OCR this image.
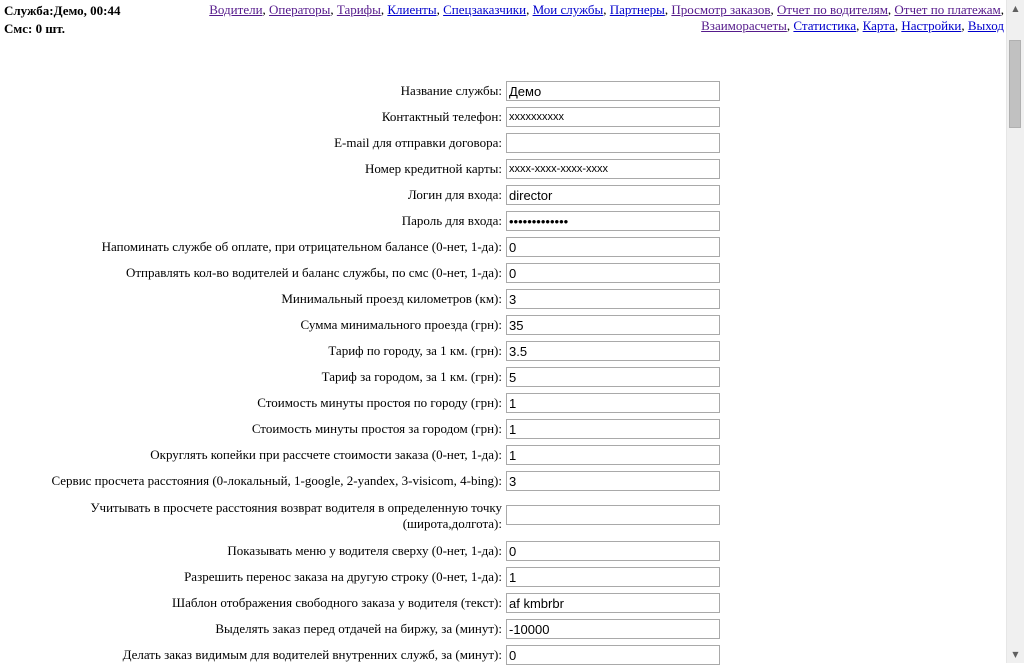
Служба:Демо, 00:44
Смс: 0 шт.
Водители, Операторы, Тарифы, Клиенты, Спецзаказчики, Мои службы, Партнеры, Просмотр заказов, Отчет по водителям, Отчет по платежам,
Взаиморасчеты, Статистика, Карта, Настройки, Выход
Название службы:
Демо
Контактный телефон:
xxxxxxxxxx
E-mail для отправки договора:
Номер кредитной карты:
xxxx-xxxx-xxxx-xxxx
Логин для входа:
director
Пароль для входа:
•••••••••••••
Напоминать службе об оплате, при отрицательном балансе (0-нет, 1-да):
0
Отправлять кол-во водителей и баланс службы, по смс (0-нет, 1-да):
0
Минимальный проезд километров (км):
3
Сумма минимального проезда (грн):
35
Тариф по городу, за 1 км. (грн):
3.5
Тариф за городом, за 1 км. (грн):
5
Стоимость минуты простоя по городу (грн):
1
Стоимость минуты простоя за городом (грн):
1
Округлять копейки при рассчете стоимости заказа (0-нет, 1-да):
1
Сервис просчета расстояния (0-локальный, 1-google, 2-yandex, 3-visicom, 4-bing):
3
Учитывать в просчете расстояния возврат водителя в определенную точку (широта,долгота):
Показывать меню у водителя сверху (0-нет, 1-да):
0
Разрешить перенос заказа на другую строку (0-нет, 1-да):
1
Шаблон отображения свободного заказа у водителя (текст):
af kmbrbr
Выделять заказ перед отдачей на биржу, за (минут):
-10000
Делать заказ видимым для водителей внутренних служб, за (минут):
0
▲
▼
